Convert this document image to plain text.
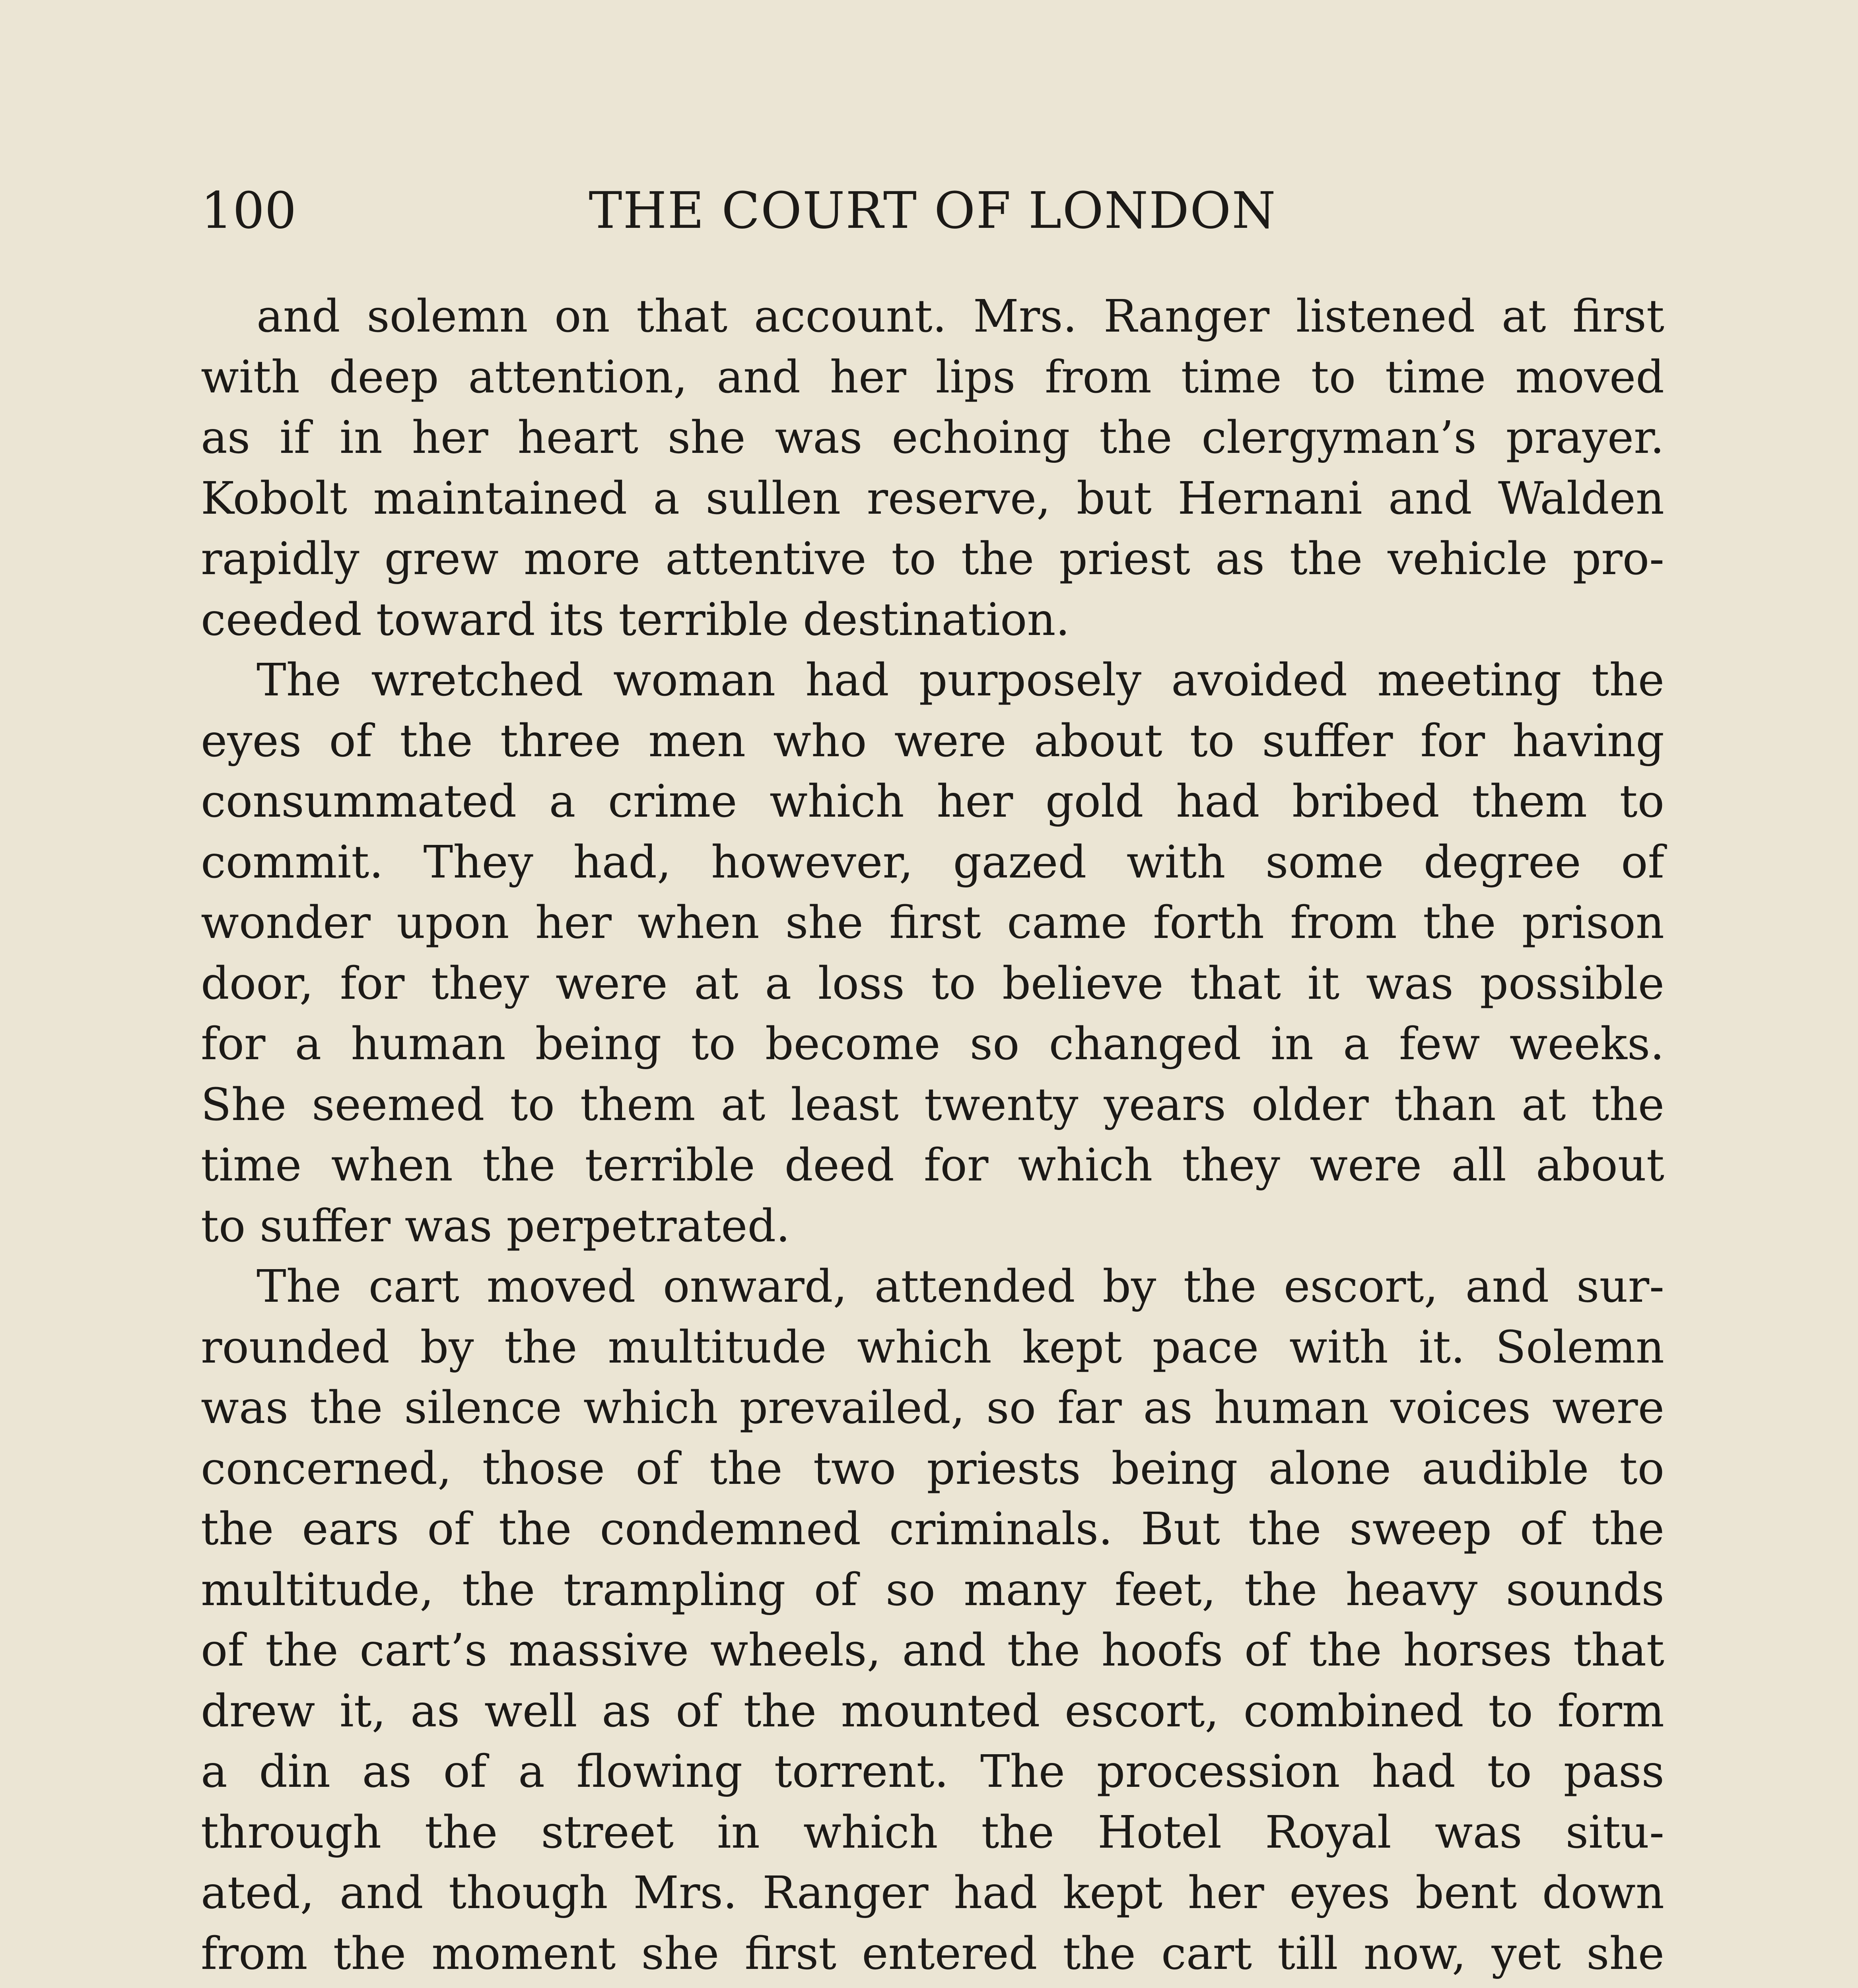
100	THE COURT OF LONDON
and solemn on that account. Mrs. Ranger listened at first
with deep attention, and her lips from time to time moved
as if in her heart she was echoing the clergyman’s prayer.
Kobolt maintained a sullen reserve, but Hernani and Walden
rapidly grew more attentive to the priest as the vehicle pro-
ceeded toward its terrible destination.
The wretched woman had purposely avoided meeting the
eyes of the three men who were about to suffer for having
consummated a crime which her gold had bribed them to
commit. They had, however, gazed with some degree of
wonder upon her when she first came forth from the prison
door, for they were at a loss to believe that it was possible
for a human being to become so changed in a few weeks.
She seemed to them at least twenty years older than at the
time when the terrible deed for which they were all about
to suffer was perpetrated.
The cart moved onward, attended by the escort, and sur-
rounded by the multitude which kept pace with it. Solemn
was the silence which prevailed, so far as human voices were
concerned, those of the two priests being alone audible to
the ears of the condemned criminals. But the sweep of the
multitude, the trampling of so many feet, the heavy sounds
of the cart’s massive wheels, and the hoofs of the horses that
drew it, as well as of the mounted escort, combined to form
a din as of a flowing torrent. The procession had to pass
through the street in which the Hotel Royal was situ-
ated, and though Mrs. Ranger had kept her eyes bent down
from the moment she first entered the cart till now, yet she
